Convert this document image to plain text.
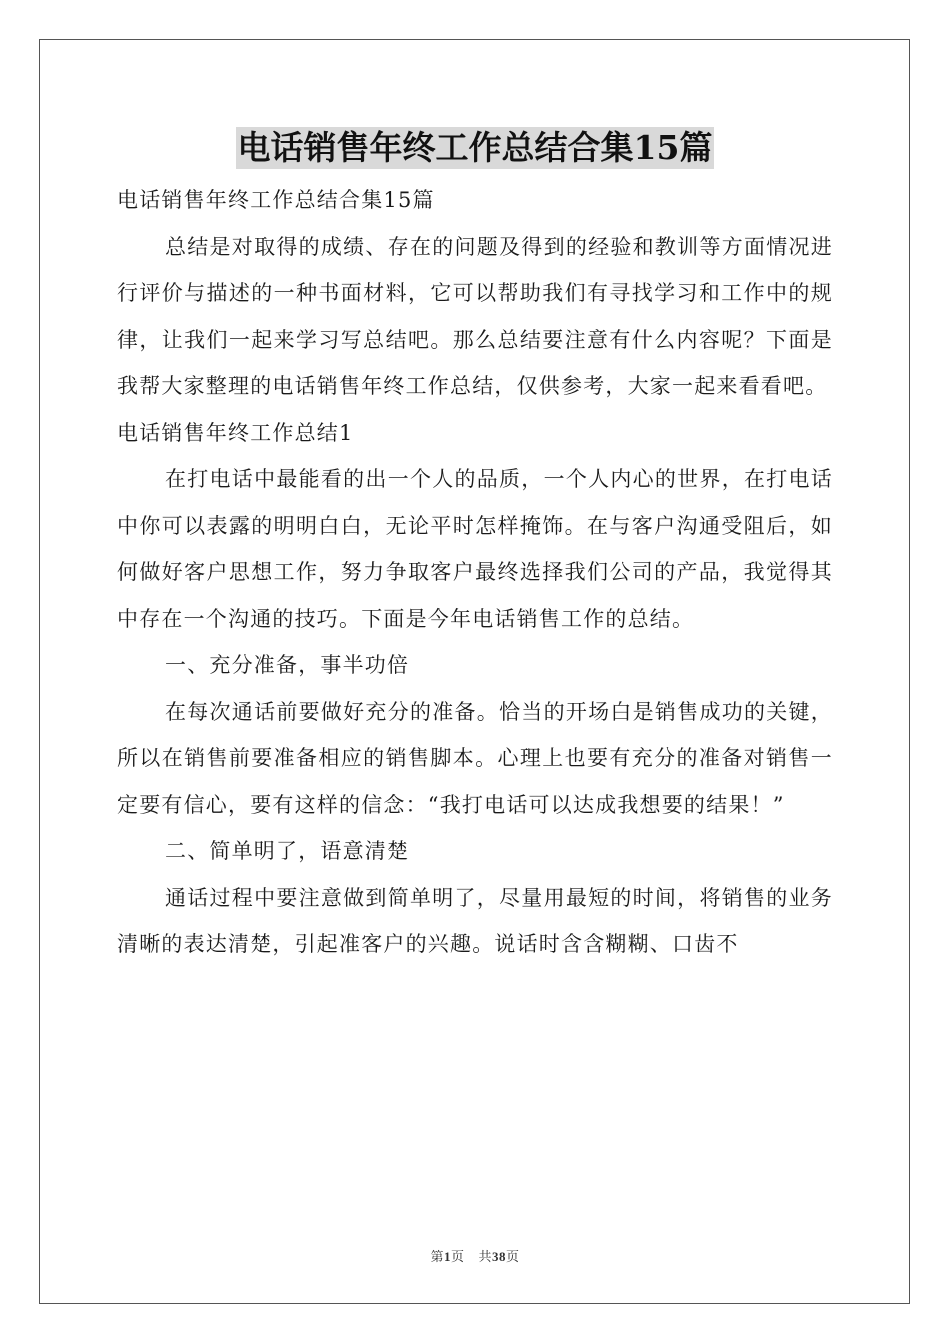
电话销售年终工作总结合集15篇

电话销售年终工作总结合集15篇

总结是对取得的成绩、存在的问题及得到的经验和教训等方面情况进行评价与描述的一种书面材料，它可以帮助我们有寻找学习和工作中的规律，让我们一起来学习写总结吧。那么总结要注意有什么内容呢？下面是我帮大家整理的电话销售年终工作总结，仅供参考，大家一起来看看吧。

电话销售年终工作总结1

在打电话中最能看的出一个人的品质，一个人内心的世界，在打电话中你可以表露的明明白白，无论平时怎样掩饰。在与客户沟通受阻后，如何做好客户思想工作，努力争取客户最终选择我们公司的产品，我觉得其中存在一个沟通的技巧。下面是今年电话销售工作的总结。

一、充分准备，事半功倍

在每次通话前要做好充分的准备。恰当的开场白是销售成功的关键，所以在销售前要准备相应的销售脚本。心理上也要有充分的准备对销售一定要有信心，要有这样的信念：“我打电话可以达成我想要的结果！”

二、简单明了，语意清楚

通话过程中要注意做到简单明了，尽量用最短的时间，将销售的业务清晰的表达清楚，引起准客户的兴趣。说话时含含糊糊、口齿不

第1页 共38页
